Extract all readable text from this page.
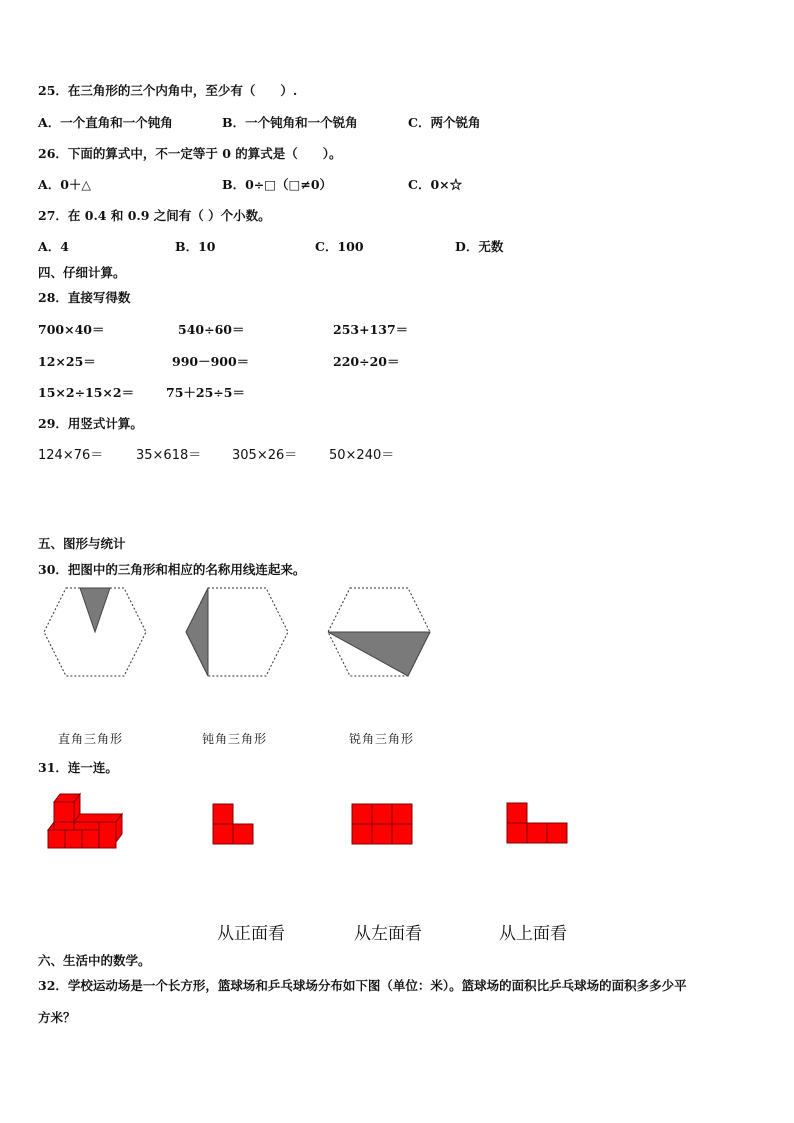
25．在三角形的三个内角中，至少有（　　）.
A．一个直角和一个钝角	B．一个钝角和一个锐角	C．两个锐角
26．下面的算式中，不一定等于 0 的算式是（　　）。
A．0＋△	B．0÷□（□≠0）	C．0×☆
27．在 0.4 和 0.9 之间有（ ）个小数。
A．4	B．10	C．100	D．无数
四、仔细计算。
28．直接写得数
700×40＝	540÷60＝	253+137＝
12×25＝	990－900＝	220÷20＝
15×2÷15×2＝	75＋25÷5＝
29．用竖式计算。
124×76＝	35×618＝ 305×26＝ 50×240＝
五、图形与统计
30．把图中的三角形和相应的名称用线连起来。
直角三角形	钝角三角形	锐角三角形
31．连一连。
从正面看	从左面看	从上面看
六、生活中的数学。
32．学校运动场是一个长方形，篮球场和乒乓球场分布如下图（单位：米）。篮球场的面积比乒乓球场的面积多多少平
方米？
